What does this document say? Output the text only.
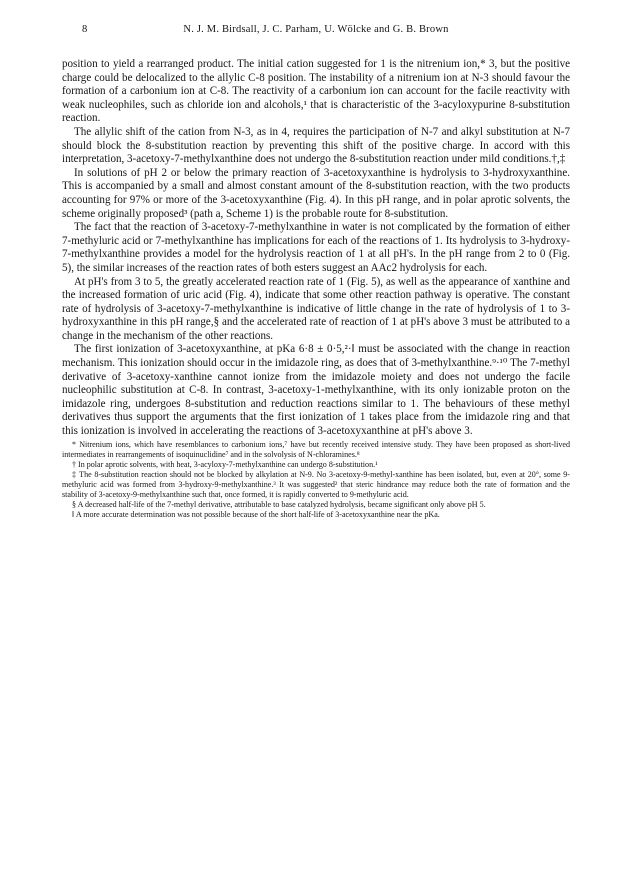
8	N. J. M. Birdsall, J. C. Parham, U. Wölcke and G. B. Brown

position to yield a rearranged product. The initial cation suggested for 1 is the nitrenium ion,* 3, but the positive charge could be delocalized to the allylic C-8 position. The instability of a nitrenium ion at N-3 should favour the formation of a carbonium ion at C-8. The reactivity of a carbonium ion can account for the facile reactivity with weak nucleophiles, such as chloride ion and alcohols,¹ that is characteristic of the 3-acyloxypurine 8-substitution reaction.

The allylic shift of the cation from N-3, as in 4, requires the participation of N-7 and alkyl substitution at N-7 should block the 8-substitution reaction by preventing this shift of the positive charge. In accord with this interpretation, 3-acetoxy-7-methylxanthine does not undergo the 8-substitution reaction under mild conditions.†,‡

In solutions of pH 2 or below the primary reaction of 3-acetoxyxanthine is hydrolysis to 3-hydroxyxanthine. This is accompanied by a small and almost constant amount of the 8-substitution reaction, with the two products accounting for 97% or more of the 3-acetoxyxanthine (Fig. 4). In this pH range, and in polar aprotic solvents, the scheme originally proposed³ (path a, Scheme 1) is the probable route for 8-substitution.

The fact that the reaction of 3-acetoxy-7-methylxanthine in water is not complicated by the formation of either 7-methyluric acid or 7-methylxanthine has implications for each of the reactions of 1. Its hydrolysis to 3-hydroxy-7-methylxanthine provides a model for the hydrolysis reaction of 1 at all pH's. In the pH range from 2 to 0 (Fig. 5), the similar increases of the reaction rates of both esters suggest an AAc2 hydrolysis for each.

At pH's from 3 to 5, the greatly accelerated reaction rate of 1 (Fig. 5), as well as the appearance of xanthine and the increased formation of uric acid (Fig. 4), indicate that some other reaction pathway is operative. The constant rate of hydrolysis of 3-acetoxy-7-methylxanthine is indicative of little change in the rate of hydrolysis of 1 to 3-hydroxyxanthine in this pH range,§ and the accelerated rate of reaction of 1 at pH's above 3 must be attributed to a change in the mechanism of the other reactions.

The first ionization of 3-acetoxyxanthine, at pKa 6·8 ± 0·5,²·‖ must be associated with the change in reaction mechanism. This ionization should occur in the imidazole ring, as does that of 3-methylxanthine.⁹·¹⁰ The 7-methyl derivative of 3-acetoxy-xanthine cannot ionize from the imidazole moiety and does not undergo the facile nucleophilic substitution at C-8. In contrast, 3-acetoxy-1-methylxanthine, with its only ionizable proton on the imidazole ring, undergoes 8-substitution and reduction reactions similar to 1. The behaviours of these methyl derivatives thus support the arguments that the first ionization of 1 takes place from the imidazole ring and that this ionization is involved in accelerating the reactions of 3-acetoxyxanthine at pH's above 3.

* Nitrenium ions, which have resemblances to carbonium ions,⁷ have but recently received intensive study. They have been proposed as short-lived intermediates in rearrangements of isoquinuclidine⁷ and in the solvolysis of N-chloramines.⁸

† In polar aprotic solvents, with heat, 3-acyloxy-7-methylxanthine can undergo 8-substitution.¹

‡ The 8-substitution reaction should not be blocked by alkylation at N-9. No 3-acetoxy-9-methyl-xanthine has been isolated, but, even at 20°, some 9-methyluric acid was formed from 3-hydroxy-9-methylxanthine.³ It was suggested² that steric hindrance may reduce both the rate of formation and the stability of 3-acetoxy-9-methylxanthine such that, once formed, it is rapidly converted to 9-methyluric acid.

§ A decreased half-life of the 7-methyl derivative, attributable to base catalyzed hydrolysis, became significant only above pH 5.

‖ A more accurate determination was not possible because of the short half-life of 3-acetoxyxanthine near the pKa.
